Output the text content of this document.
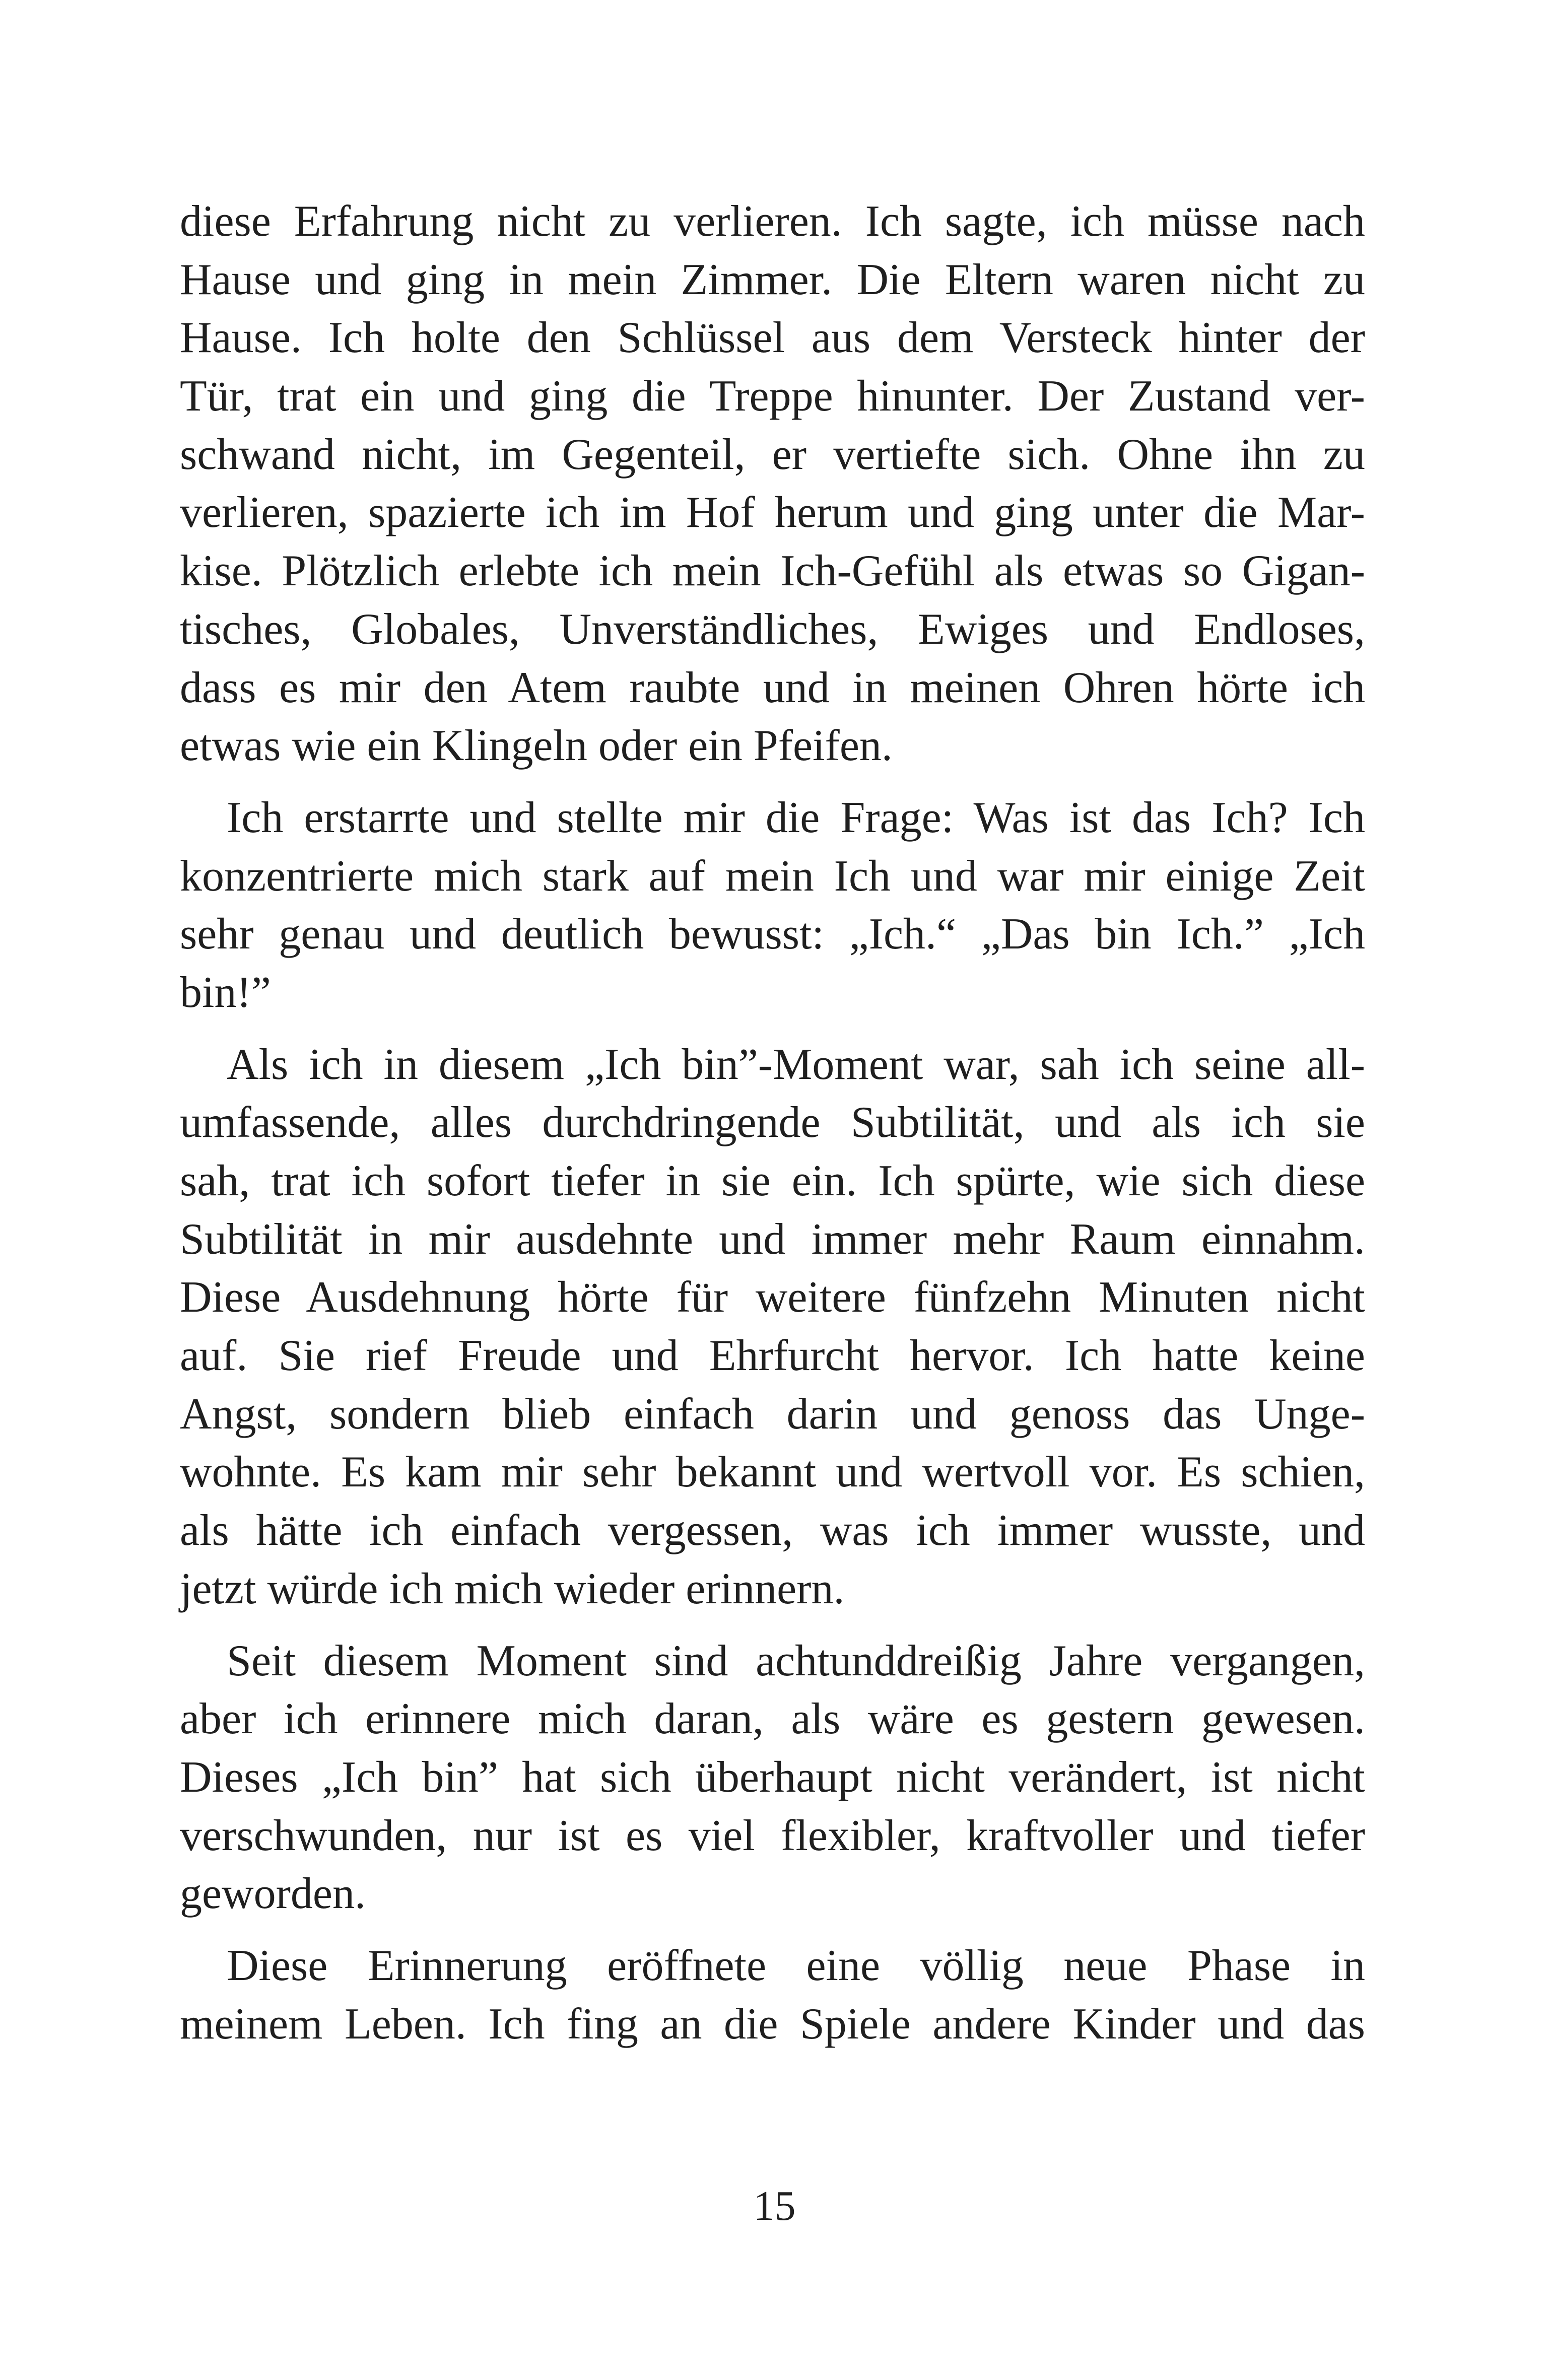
diese Erfahrung nicht zu verlieren. Ich sagte, ich müsse nach
Hause und ging in mein Zimmer. Die Eltern waren nicht zu
Hause. Ich holte den Schlüssel aus dem Versteck hinter der
Tür, trat ein und ging die Treppe hinunter. Der Zustand ver-
schwand nicht, im Gegenteil, er vertiefte sich. Ohne ihn zu
verlieren, spazierte ich im Hof herum und ging unter die Mar-
kise. Plötzlich erlebte ich mein Ich-Gefühl als etwas so Gigan-
tisches, Globales, Unverständliches, Ewiges und Endloses,
dass es mir den Atem raubte und in meinen Ohren hörte ich
etwas wie ein Klingeln oder ein Pfeifen.
Ich erstarrte und stellte mir die Frage: Was ist das Ich? Ich
konzentrierte mich stark auf mein Ich und war mir einige Zeit
sehr genau und deutlich bewusst: „Ich.“ „Das bin Ich.” „Ich
bin!”
Als ich in diesem „Ich bin”-Moment war, sah ich seine all-
umfassende, alles durchdringende Subtilität, und als ich sie
sah, trat ich sofort tiefer in sie ein. Ich spürte, wie sich diese
Subtilität in mir ausdehnte und immer mehr Raum einnahm.
Diese Ausdehnung hörte für weitere fünfzehn Minuten nicht
auf. Sie rief Freude und Ehrfurcht hervor. Ich hatte keine
Angst, sondern blieb einfach darin und genoss das Unge-
wohnte. Es kam mir sehr bekannt und wertvoll vor. Es schien,
als hätte ich einfach vergessen, was ich immer wusste, und
jetzt würde ich mich wieder erinnern.
Seit diesem Moment sind achtunddreißig Jahre vergangen,
aber ich erinnere mich daran, als wäre es gestern gewesen.
Dieses „Ich bin” hat sich überhaupt nicht verändert, ist nicht
verschwunden, nur ist es viel flexibler, kraftvoller und tiefer
geworden.
Diese Erinnerung eröffnete eine völlig neue Phase in
meinem Leben. Ich fing an die Spiele andere Kinder und das
15
